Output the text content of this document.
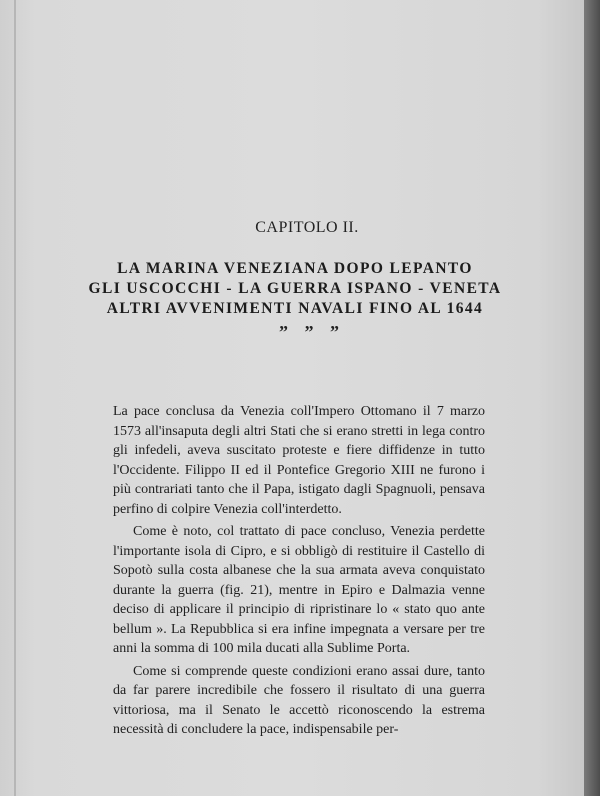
CAPITOLO II.
LA MARINA VENEZIANA DOPO LEPANTO
GLI USCOCCHI - LA GUERRA ISPANO - VENETA
ALTRI AVVENIMENTI NAVALI FINO AL 1644
ˮ ˮ ˮ

La pace conclusa da Venezia coll'Impero Ottomano il 7 marzo 1573 all'insaputa degli altri Stati che si erano stretti in lega contro gli infedeli, aveva suscitato proteste e fiere diffidenze in tutto l'Occidente. Filippo II ed il Pontefice Gregorio XIII ne furono i più contrariati tanto che il Papa, istigato dagli Spagnuoli, pensava perfino di colpire Venezia coll'interdetto.

Come è noto, col trattato di pace concluso, Venezia perdette l'importante isola di Cipro, e si obbligò di restituire il Castello di Sopotò sulla costa albanese che la sua armata aveva conquistato durante la guerra (fig. 21), mentre in Epiro e Dalmazia venne deciso di applicare il principio di ripristinare lo « stato quo ante bellum ». La Repubblica si era infine impegnata a versare per tre anni la somma di 100 mila ducati alla Sublime Porta.

Come si comprende queste condizioni erano assai dure, tanto da far parere incredibile che fossero il risultato di una guerra vittoriosa, ma il Senato le accettò riconoscendo la estrema necessità di concludere la pace, indispensabile per-
